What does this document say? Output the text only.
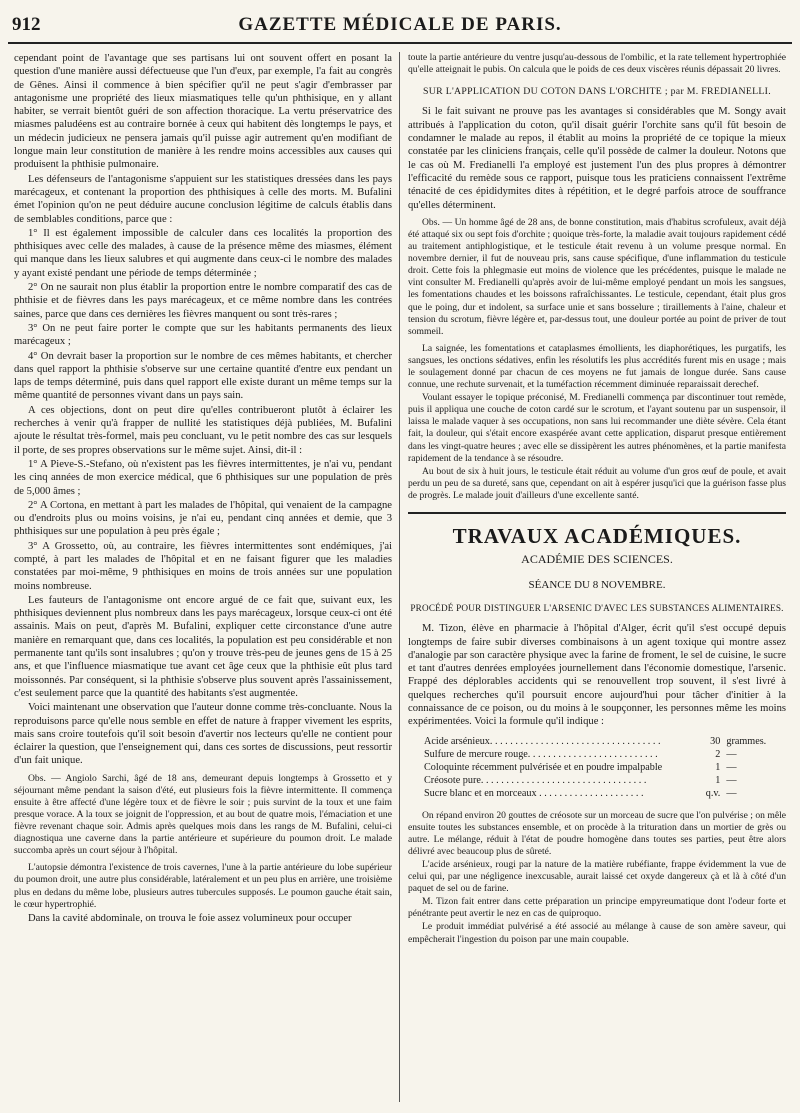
912	GAZETTE MÉDICALE DE PARIS.

cependant point de l'avantage que ses partisans lui ont souvent offert en posant la question d'une manière aussi défectueuse que l'un d'eux, par exemple, l'a fait au congrès de Gênes. Ainsi il commence à bien spécifier qu'il ne peut s'agir d'embrasser par antagonisme une propriété des lieux miasmatiques telle qu'un phthisique, en y allant habiter, se verrait bientôt guéri de son affection thoracique. La vertu préservatrice des miasmes paludéens est au contraire bornée à ceux qui habitent dès longtemps le pays, et un médecin judicieux ne pensera jamais qu'il puisse agir autrement qu'en modifiant de longue main leur constitution de manière à les rendre moins accessibles aux causes qui produisent la phthisie pulmonaire.

Les défenseurs de l'antagonisme s'appuient sur les statistiques dressées dans les pays marécageux, et contenant la proportion des phthisiques à celle des morts. M. Bufalini émet l'opinion qu'on ne peut déduire aucune conclusion légitime de calculs établis dans de semblables conditions, parce que :

1° Il est également impossible de calculer dans ces localités la proportion des phthisiques avec celle des malades, à cause de la présence même des miasmes, élément qui manque dans les lieux salubres et qui augmente dans ceux-ci le nombre des malades y ayant existé pendant une période de temps déterminée ;

2° On ne saurait non plus établir la proportion entre le nombre comparatif des cas de phthisie et de fièvres dans les pays marécageux, et ce même nombre dans les contrées saines, parce que dans ces dernières les fièvres manquent ou sont très-rares ;

3° On ne peut faire porter le compte que sur les habitants permanents des lieux marécageux ;

4° On devrait baser la proportion sur le nombre de ces mêmes habitants, et chercher dans quel rapport la phthisie s'observe sur une certaine quantité d'entre eux pendant un laps de temps déterminé, puis dans quel rapport elle existe durant un même temps sur la même quantité de personnes vivant dans un pays sain.

A ces objections, dont on peut dire qu'elles contribueront plutôt à éclairer les recherches à venir qu'à frapper de nullité les statistiques déjà publiées, M. Bufalini ajoute le résultat très-formel, mais peu concluant, vu le petit nombre des cas sur lesquels il porte, de ses propres observations sur le même sujet. Ainsi, dit-il :

1° A Pieve-S.-Stefano, où n'existent pas les fièvres intermittentes, je n'ai vu, pendant les cinq années de mon exercice médical, que 6 phthisiques sur une population de près de 5,000 âmes ;

2° A Cortona, en mettant à part les malades de l'hôpital, qui venaient de la campagne ou d'endroits plus ou moins voisins, je n'ai eu, pendant cinq années et demie, que 3 phthisiques sur une population à peu près égale ;

3° A Grossetto, où, au contraire, les fièvres intermittentes sont endémiques, j'ai compté, à part les malades de l'hôpital et en ne faisant figurer que les maladies constatées par moi-même, 9 phthisiques en moins de trois années sur une population moins nombreuse.

Les fauteurs de l'antagonisme ont encore argué de ce fait que, suivant eux, les phthisiques deviennent plus nombreux dans les pays marécageux, lorsque ceux-ci ont été assainis. Mais on peut, d'après M. Bufalini, expliquer cette circonstance d'une autre manière en remarquant que, dans ces localités, la population est peu considérable et non permanente tant qu'ils sont insalubres ; qu'on y trouve très-peu de jeunes gens de 15 à 25 ans, et que l'influence miasmatique tue avant cet âge ceux que la phthisie eût plus tard moissonnés. Par conséquent, si la phthisie s'observe plus souvent après l'assainissement, c'est seulement parce que la quantité des habitants s'est augmentée.

Voici maintenant une observation que l'auteur donne comme très-concluante. Nous la reproduisons parce qu'elle nous semble en effet de nature à frapper vivement les esprits, mais sans croire toutefois qu'il soit besoin d'avertir nos lecteurs qu'elle ne contient pour éclairer la question, que l'enseignement qui, dans ces sortes de discussions, peut ressortir d'un fait unique.

Obs. — Angiolo Sarchi, âgé de 18 ans, demeurant depuis longtemps à Grossetto et y séjournant même pendant la saison d'été, eut plusieurs fois la fièvre intermittente. Il commença ensuite à être affecté d'une légère toux et de fièvre le soir ; puis survint de la toux et une faim presque vorace. A la toux se joignit de l'oppression, et au bout de quatre mois, l'émaciation et une fièvre revenant chaque soir. Admis après quelques mois dans les rangs de M. Bufalini, celui-ci diagnostiqua une caverne dans la partie antérieure et supérieure du poumon droit. Le malade succomba après un court séjour à l'hôpital.

L'autopsie démontra l'existence de trois cavernes, l'une à la partie antérieure du lobe supérieur du poumon droit, une autre plus considérable, latéralement et un peu plus en arrière, une troisième plus en dedans du même lobe, plusieurs autres tubercules supposés. Le poumon gauche était sain, le cœur hypertrophié.

Dans la cavité abdominale, on trouva le foie assez volumineux pour occuper

toute la partie antérieure du ventre jusqu'au-dessous de l'ombilic, et la rate tellement hypertrophiée qu'elle atteignait le pubis. On calcula que le poids de ces deux viscères réunis dépassait 20 livres.

SUR L'APPLICATION DU COTON DANS L'ORCHITE ; par M. FREDIANELLI.

Si le fait suivant ne prouve pas les avantages si considérables que M. Songy avait attribués à l'application du coton, qu'il disait guérir l'orchite sans qu'il fût besoin de condamner le malade au repos, il établit au moins la propriété de ce topique la mieux constatée par les cliniciens français, celle qu'il possède de calmer la douleur. Notons que le cas où M. Fredianelli l'a employé est justement l'un des plus propres à démontrer l'efficacité du remède sous ce rapport, puisque tous les praticiens connaissent l'extrême ténacité de ces épididymites dites à répétition, et le degré parfois atroce de souffrance qu'elles déterminent.

Obs. — Un homme âgé de 28 ans, de bonne constitution, mais d'habitus scrofuleux, avait déjà été attaqué six ou sept fois d'orchite ; quoique très-forte, la maladie avait toujours rapidement cédé au traitement antiphlogistique, et le testicule était revenu à un volume presque normal. En novembre dernier, il fut de nouveau pris, sans cause spécifique, d'une inflammation du testicule droit. Cette fois la phlegmasie eut moins de violence que les précédentes, puisque le malade ne vint consulter M. Fredianelli qu'après avoir de lui-même employé pendant un mois les sangsues, les fomentations chaudes et les boissons rafraîchissantes. Le testicule, cependant, était plus gros que le poing, dur et indolent, sa surface unie et sans bosselure ; tiraillements à l'aine, chaleur et tension du scrotum, fièvre légère et, par-dessus tout, une douleur portée au point de priver de tout sommeil.

La saignée, les fomentations et cataplasmes émollients, les diaphorétiques, les purgatifs, les sangsues, les onctions sédatives, enfin les résolutifs les plus accrédités furent mis en usage ; mais le soulagement donné par chacun de ces moyens ne fut jamais de longue durée. Sans cause connue, une rechute survenait, et la tuméfaction récemment diminuée reparaissait derechef.

Voulant essayer le topique préconisé, M. Fredianelli commença par discontinuer tout remède, puis il appliqua une couche de coton cardé sur le scrotum, et l'ayant soutenu par un suspensoir, il laissa le malade vaquer à ses occupations, non sans lui recommander une diète sévère. Cela étant fait, la douleur, qui s'était encore exaspérée avant cette application, disparut presque entièrement dans les vingt-quatre heures ; avec elle se dissipèrent les autres phénomènes, et la partie manifesta rapidement de la tendance à se résoudre.

Au bout de six à huit jours, le testicule était réduit au volume d'un gros œuf de poule, et avait perdu un peu de sa dureté, sans que, cependant on ait à espérer jusqu'ici que la guérison fasse plus de progrès. Le malade jouit d'ailleurs d'une excellente santé.

TRAVAUX ACADÉMIQUES.
ACADÉMIE DES SCIENCES.
SÉANCE DU 8 NOVEMBRE.
PROCÉDÉ POUR DISTINGUER L'ARSENIC D'AVEC LES SUBSTANCES ALIMENTAIRES.

M. Tizon, élève en pharmacie à l'hôpital d'Alger, écrit qu'il s'est occupé depuis longtemps de faire subir diverses combinaisons à un agent toxique qui montre assez d'analogie par son caractère physique avec la farine de froment, le sel de cuisine, le sucre et tant d'autres denrées employées journellement dans l'économie domestique, l'arsenic. Frappé des déplorables accidents qui se renouvellent trop souvent, il s'est livré à quelques recherches qu'il poursuit encore aujourd'hui pour tâcher d'initier à la connaissance de ce poison, ou du moins à le soupçonner, les personnes même les moins expérimentées. Voici la formule qu'il indique :

Acide arsénieux. . . . . . . . . . . . . . . . . . . . . . . . . . . . . . . . . .	30 grammes.
Sulfure de mercure rouge. . . . . . . . . . . . . . . . . . . . . . . . . .	2 —
Coloquinte récemment pulvérisée et en poudre impalpable	1 —
Créosote pure. . . . . . . . . . . . . . . . . . . . . . . . . . . . . . . . .	1 —
Sucre blanc et en morceaux . . . . . . . . . . . . . . . . . . . . .	q.v. —

On répand environ 20 gouttes de créosote sur un morceau de sucre que l'on pulvérise ; on mêle ensuite toutes les substances ensemble, et on procède à la trituration dans un mortier de grès ou autre. Le mélange, réduit à l'état de poudre homogène dans toutes ses parties, peut être alors délivré avec beaucoup plus de sûreté.

L'acide arsénieux, rougi par la nature de la matière rubéfiante, frappe évidemment la vue de celui qui, par une négligence inexcusable, aurait laissé cet oxyde dangereux çà et là à côté d'un paquet de sel ou de farine.

M. Tizon fait entrer dans cette préparation un principe empyreumatique dont l'odeur forte et pénétrante peut avertir le nez en cas de quiproquo.

Le produit immédiat pulvérisé a été associé au mélange à cause de son amère saveur, qui empêcherait l'ingestion du poison par une main coupable.
